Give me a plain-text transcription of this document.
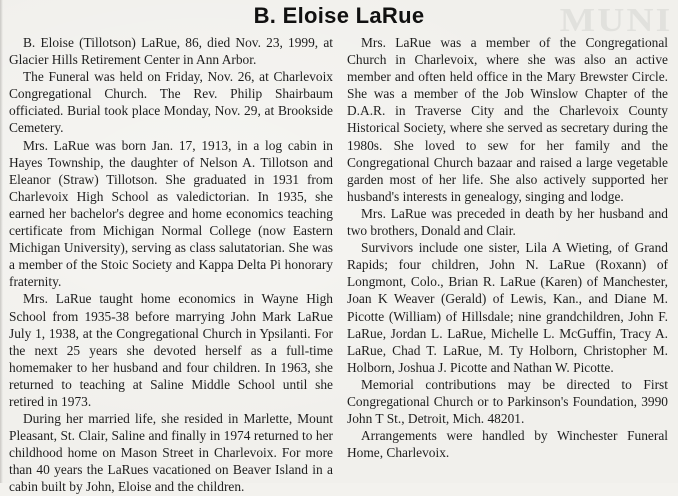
MUNI
B. Eloise LaRue

B. Eloise (Tillotson) LaRue, 86, died Nov. 23, 1999, at Glacier Hills Retirement Center in Ann Arbor.

The Funeral was held on Friday, Nov. 26, at Charlevoix Congregational Church. The Rev. Philip Shairbaum officiated. Burial took place Monday, Nov. 29, at Brookside Cemetery.

Mrs. LaRue was born Jan. 17, 1913, in a log cabin in Hayes Township, the daughter of Nelson A. Tillotson and Eleanor (Straw) Tillotson. She graduated in 1931 from Charlevoix High School as valedictorian. In 1935, she earned her bachelor's degree and home economics teaching certificate from Michigan Normal College (now Eastern Michigan University), serving as class salutatorian. She was a member of the Stoic Society and Kappa Delta Pi honorary fraternity.

Mrs. LaRue taught home economics in Wayne High School from 1935-38 before marrying John Mark LaRue July 1, 1938, at the Congregational Church in Ypsilanti. For the next 25 years she devoted herself as a full-time homemaker to her husband and four children. In 1963, she returned to teaching at Saline Middle School until she retired in 1973.

During her married life, she resided in Marlette, Mount Pleasant, St. Clair, Saline and finally in 1974 returned to her childhood home on Mason Street in Charlevoix. For more than 40 years the LaRues vacationed on Beaver Island in a cabin built by John, Eloise and the children.

Mrs. LaRue was a member of the Congregational Church in Charlevoix, where she was also an active member and often held office in the Mary Brewster Circle. She was a member of the Job Winslow Chapter of the D.A.R. in Traverse City and the Charlevoix County Historical Society, where she served as secretary during the 1980s. She loved to sew for her family and the Congregational Church bazaar and raised a large vegetable garden most of her life. She also actively supported her husband's interests in genealogy, singing and lodge.

Mrs. LaRue was preceded in death by her husband and two brothers, Donald and Clair.

Survivors include one sister, Lila A Wieting, of Grand Rapids; four children, John N. LaRue (Roxann) of Longmont, Colo., Brian R. LaRue (Karen) of Manchester, Joan K Weaver (Gerald) of Lewis, Kan., and Diane M. Picotte (William) of Hillsdale; nine grandchildren, John F. LaRue, Jordan L. LaRue, Michelle L. McGuffin, Tracy A. LaRue, Chad T. LaRue, M. Ty Holborn, Christopher M. Holborn, Joshua J. Picotte and Nathan W. Picotte.

Memorial contributions may be directed to First Congregational Church or to Parkinson's Foundation, 3990 John T St., Detroit, Mich. 48201.

Arrangements were handled by Winchester Funeral Home, Charlevoix.
